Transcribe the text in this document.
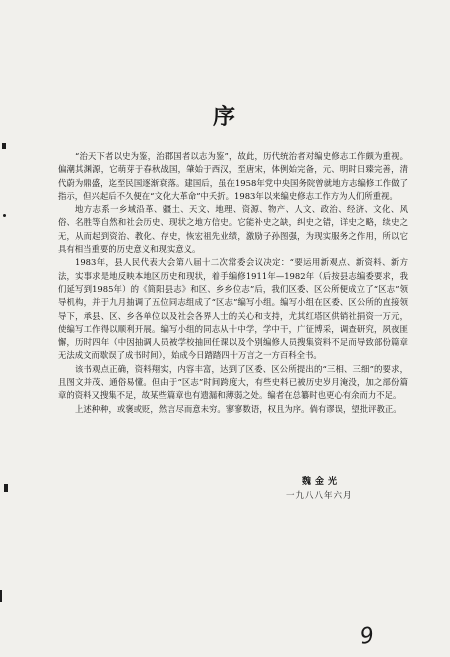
序

“治天下者以史为鉴，治郡国者以志为鉴”，故此，历代统治者对编史修志工作颇为重视。偏潮其渊源，它萌芽于春秋战国，肇始于西汉，至唐宋，体例始完备，元、明时日臻完善，清代蔚为鼎盛，迄至民国逐渐衰落。建国后，虽在1958年党中央国务院曾就地方志编修工作做了指示，但兴起后不久便在“文化大革命”中夭折。1983年以来编史修志工作方为人们所重视。

地方志系一乡域沿革、疆土、天文、地理、资源、物产、人文、政治、经济、文化、风俗、名胜等自然和社会历史、现状之地方信史。它能补史之缺，纠史之错，详史之略，续史之无，从而起到资治、教化、存史，恢宏祖先业绩，激励子孙图强，为现实服务之作用，所以它具有相当重要的历史意义和现实意义。

1983年，县人民代表大会第八届十二次常委会议决定：“要运用新观点、新资料、新方法，实事求是地反映本地区历史和现状，着手编修1911年—1982年（后按县志编委要求，我们延写到1985年）的《简阳县志》和区、乡乡位志”后，我们区委、区公所便成立了“区志”领导机构，并于九月抽调了五位同志组成了“区志”编写小组。编写小组在区委、区公所的直接领导下，承县、区、乡各单位以及社会各界人士的关心和支持，尤其红塔区供销社捐资一万元，使编写工作得以顺利开展。编写小组的同志从十中学，学中干，广征博采，调查研究，夙夜匪懈，历时四年（中因抽调人员被学校抽回任课以及个别编修人员搜集资料不足而导致部份篇章无法成文而歇误了成书时间），始成今日踏踏四十万言之一方百科全书。

该书观点正确，资料翔实，内容丰富，达到了区委、区公所提出的“三相、三细”的要求，且图文并茂、通俗易懂。但由于“区志”时间跨度大，有些史料已被历史岁月淹没，加之部份篇章的资料又搜集不足，故某些篇章也有遗漏和薄弱之处。编者在总纂时也更心有余而力不足。

上述种种，或褒或贬，然言尽而意未穷。寥寥数语，权且为序。倘有谬误，望批评教正。

魏金光
一九八八年六月
9
